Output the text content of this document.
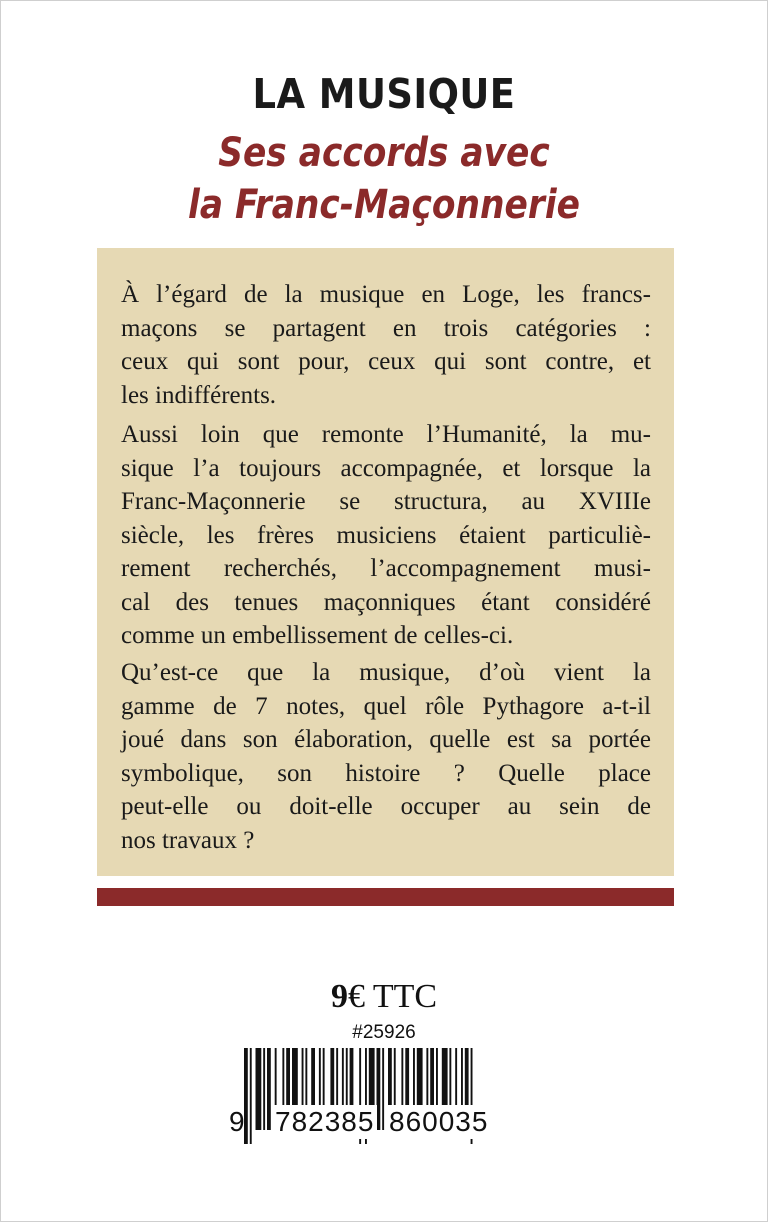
LA MUSIQUE
Ses accords avec
la Franc-Maçonnerie
À l’égard de la musique en Loge, les francs-
maçons se partagent en trois catégories :
ceux qui sont pour, ceux qui sont contre, et
les indifférents.
Aussi loin que remonte l’Humanité, la mu-
sique l’a toujours accompagnée, et lorsque la
Franc-Maçonnerie se structura, au XVIIIe
siècle, les frères musiciens étaient particuliè-
rement recherchés, l’accompagnement musi-
cal des tenues maçonniques étant considéré
comme un embellissement de celles-ci.
Qu’est-ce que la musique, d’où vient la
gamme de 7 notes, quel rôle Pythagore a-t-il
joué dans son élaboration, quelle est sa portée
symbolique, son histoire ? Quelle place
peut-elle ou doit-elle occuper au sein de
nos travaux ?
9€ TTC
#25926
9 782385 860035
